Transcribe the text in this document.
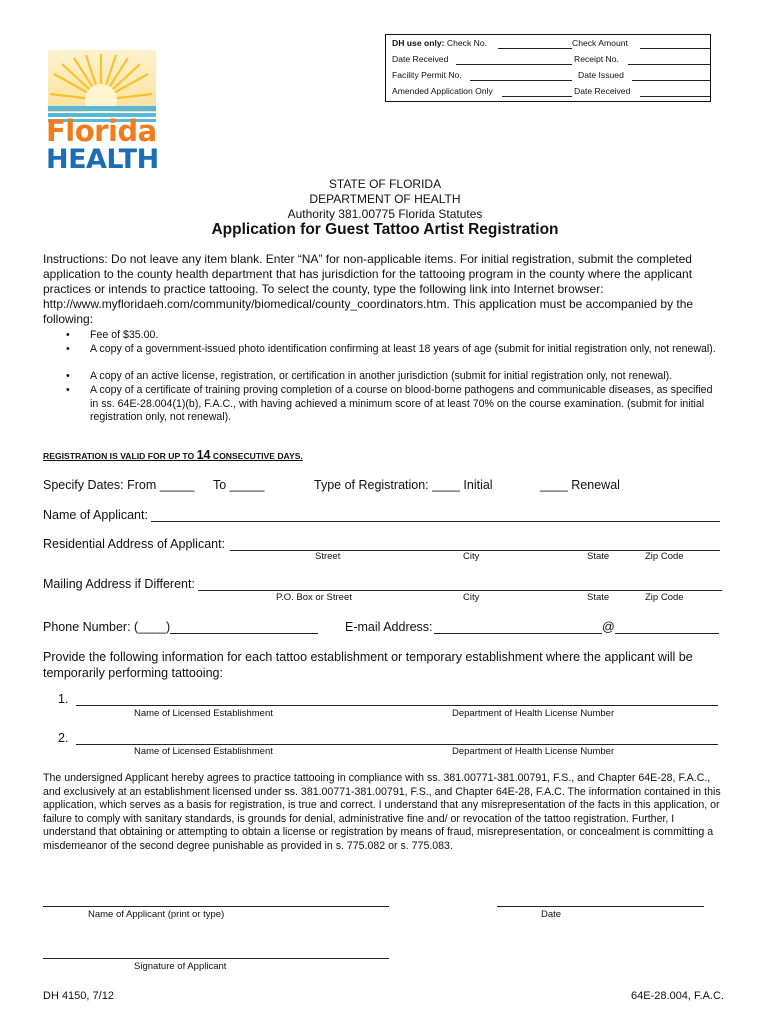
DH use only: Check No.	Check Amount
Date Received	Receipt No.
Facility Permit No.	Date Issued
Amended Application Only	Date Received
Florida
HEALTH
STATE OF FLORIDA
DEPARTMENT OF HEALTH
Authority 381.00775 Florida Statutes
Application for Guest Tattoo Artist Registration
Instructions: Do not leave any item blank. Enter “NA” for non-applicable items. For initial registration, submit the completed application to the county health department that has jurisdiction for the tattooing program in the county where the applicant practices or intends to practice tattooing. To select the county, type the following link into Internet browser: http://www.myfloridaeh.com/community/biomedical/county_coordinators.htm. This application must be accompanied by the following:
• Fee of $35.00.
• A copy of a government-issued photo identification confirming at least 18 years of age (submit for initial registration only, not renewal).
• A copy of an active license, registration, or certification in another jurisdiction (submit for initial registration only, not renewal).
• A copy of a certificate of training proving completion of a course on blood-borne pathogens and communicable diseases, as specified in ss. 64E-28.004(1)(b), F.A.C., with having achieved a minimum score of at least 70% on the course examination. (submit for initial registration only, not renewal).
REGISTRATION IS VALID FOR UP TO 14 CONSECUTIVE DAYS.
Specify Dates: From _____ To _____	Type of Registration: ____ Initial	____ Renewal
Name of Applicant:
Residential Address of Applicant:
Street	City	State	Zip Code
Mailing Address if Different:
P.O. Box or Street	City	State	Zip Code
Phone Number: (____)	E-mail Address:	@
Provide the following information for each tattoo establishment or temporary establishment where the applicant will be temporarily performing tattooing:
1.
Name of Licensed Establishment	Department of Health License Number
2.
Name of Licensed Establishment	Department of Health License Number
The undersigned Applicant hereby agrees to practice tattooing in compliance with ss. 381.00771-381.00791, F.S., and Chapter 64E-28, F.A.C., and exclusively at an establishment licensed under ss. 381.00771-381.00791, F.S., and Chapter 64E-28, F.A.C. The information contained in this application, which serves as a basis for registration, is true and correct. I understand that any misrepresentation of the facts in this application, or failure to comply with sanitary standards, is grounds for denial, administrative fine and/ or revocation of the tattoo registration. Further, I understand that obtaining or attempting to obtain a license or registration by means of fraud, misrepresentation, or concealment is committing a misdemeanor of the second degree punishable as provided in s. 775.082 or s. 775.083.
Name of Applicant (print or type)	Date
Signature of Applicant
DH 4150, 7/12	64E-28.004, F.A.C.
